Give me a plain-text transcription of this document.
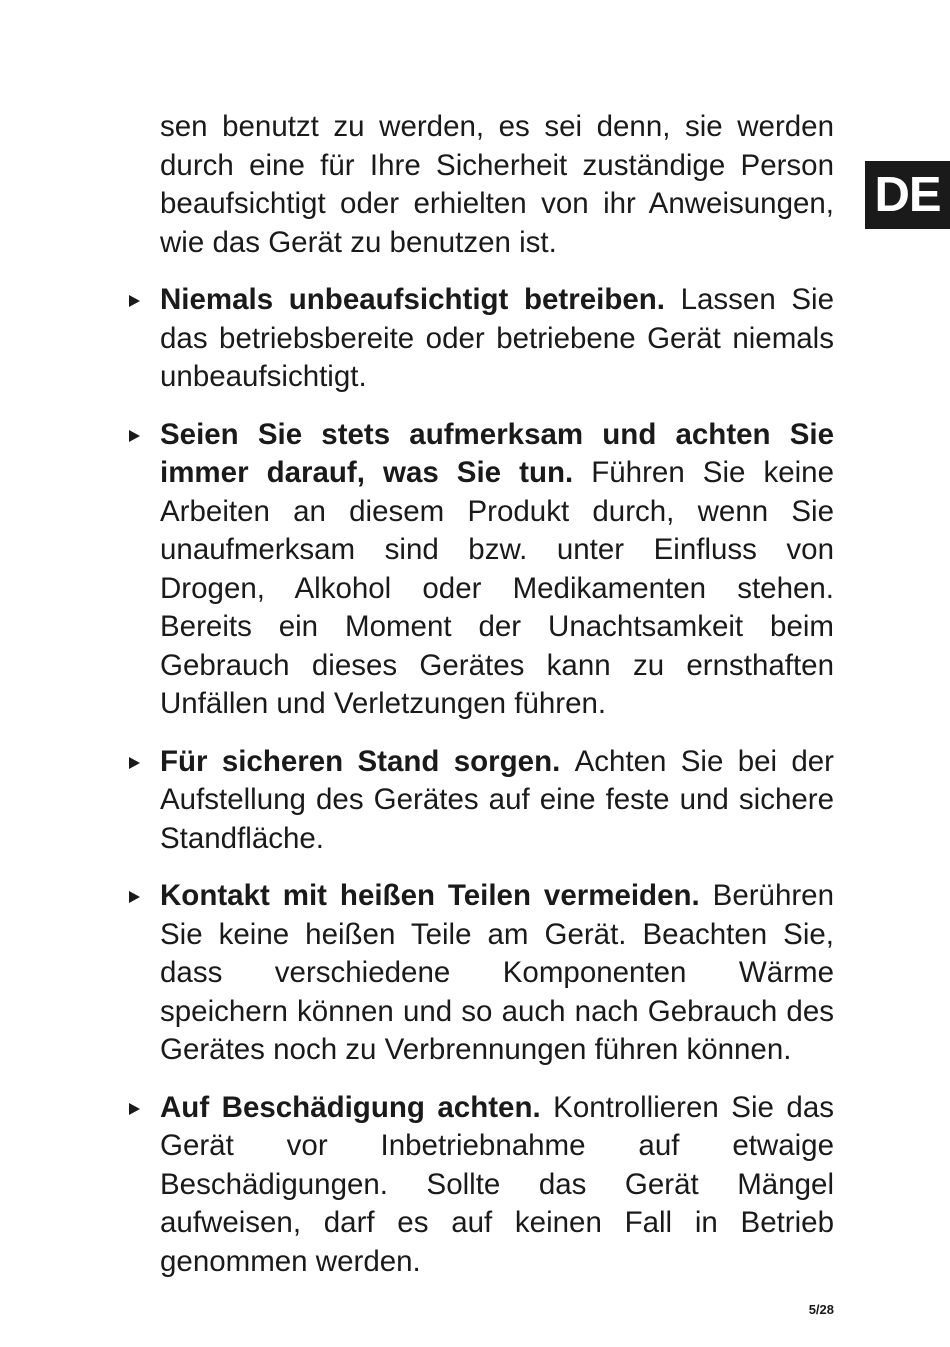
DE

sen benutzt zu werden, es sei denn, sie werden durch eine für Ihre Sicherheit zuständige Person beaufsichtigt oder erhielten von ihr Anweisungen, wie das Gerät zu benutzen ist.

Niemals unbeaufsichtigt betreiben. Lassen Sie das betriebsbereite oder betriebene Gerät niemals unbeaufsichtigt.
Seien Sie stets aufmerksam und achten Sie immer darauf, was Sie tun. Führen Sie keine Arbeiten an diesem Produkt durch, wenn Sie unaufmerksam sind bzw. unter Einfluss von Drogen, Alkohol oder Medikamenten stehen. Bereits ein Moment der Unachtsamkeit beim Gebrauch dieses Gerätes kann zu ernsthaften Unfällen und Verletzungen führen.
Für sicheren Stand sorgen. Achten Sie bei der Aufstellung des Gerätes auf eine feste und sichere Standfläche.
Kontakt mit heißen Teilen vermeiden. Berühren Sie keine heißen Teile am Gerät. Beachten Sie, dass verschiedene Komponenten Wärme speichern können und so auch nach Gebrauch des Gerätes noch zu Verbrennungen führen können.
Auf Beschädigung achten. Kontrollieren Sie das Gerät vor Inbetriebnahme auf etwaige Beschädigungen. Sollte das Gerät Mängel aufweisen, darf es auf keinen Fall in Betrieb genommen werden.
5/28
